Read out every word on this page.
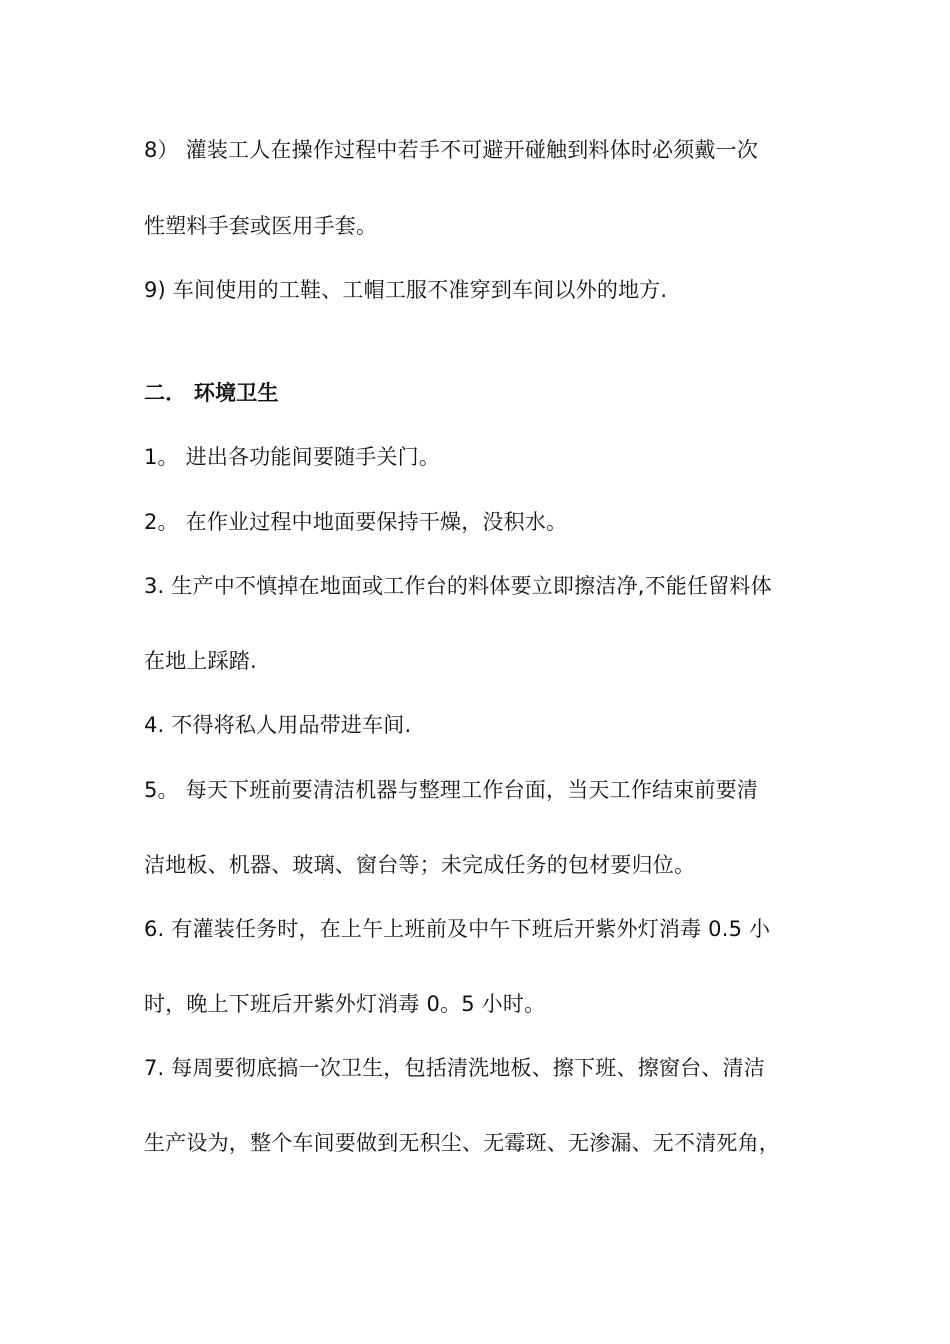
8） 灌装工人在操作过程中若手不可避开碰触到料体时必须戴一次
性塑料手套或医用手套。
9) 车间使用的工鞋、工帽工服不准穿到车间以外的地方.
二． 环境卫生
1。 进出各功能间要随手关门。
2。 在作业过程中地面要保持干燥，没积水。
3. 生产中不慎掉在地面或工作台的料体要立即擦洁净,不能任留料体
在地上踩踏.
4. 不得将私人用品带进车间.
5。 每天下班前要清洁机器与整理工作台面，当天工作结束前要清
洁地板、机器、玻璃、窗台等；未完成任务的包材要归位。
6. 有灌装任务时，在上午上班前及中午下班后开紫外灯消毒 0.5 小
时，晚上下班后开紫外灯消毒 0。5 小时。
7. 每周要彻底搞一次卫生，包括清洗地板、擦下班、擦窗台、清洁
生产设为，整个车间要做到无积尘、无霉斑、无渗漏、无不清死角，
